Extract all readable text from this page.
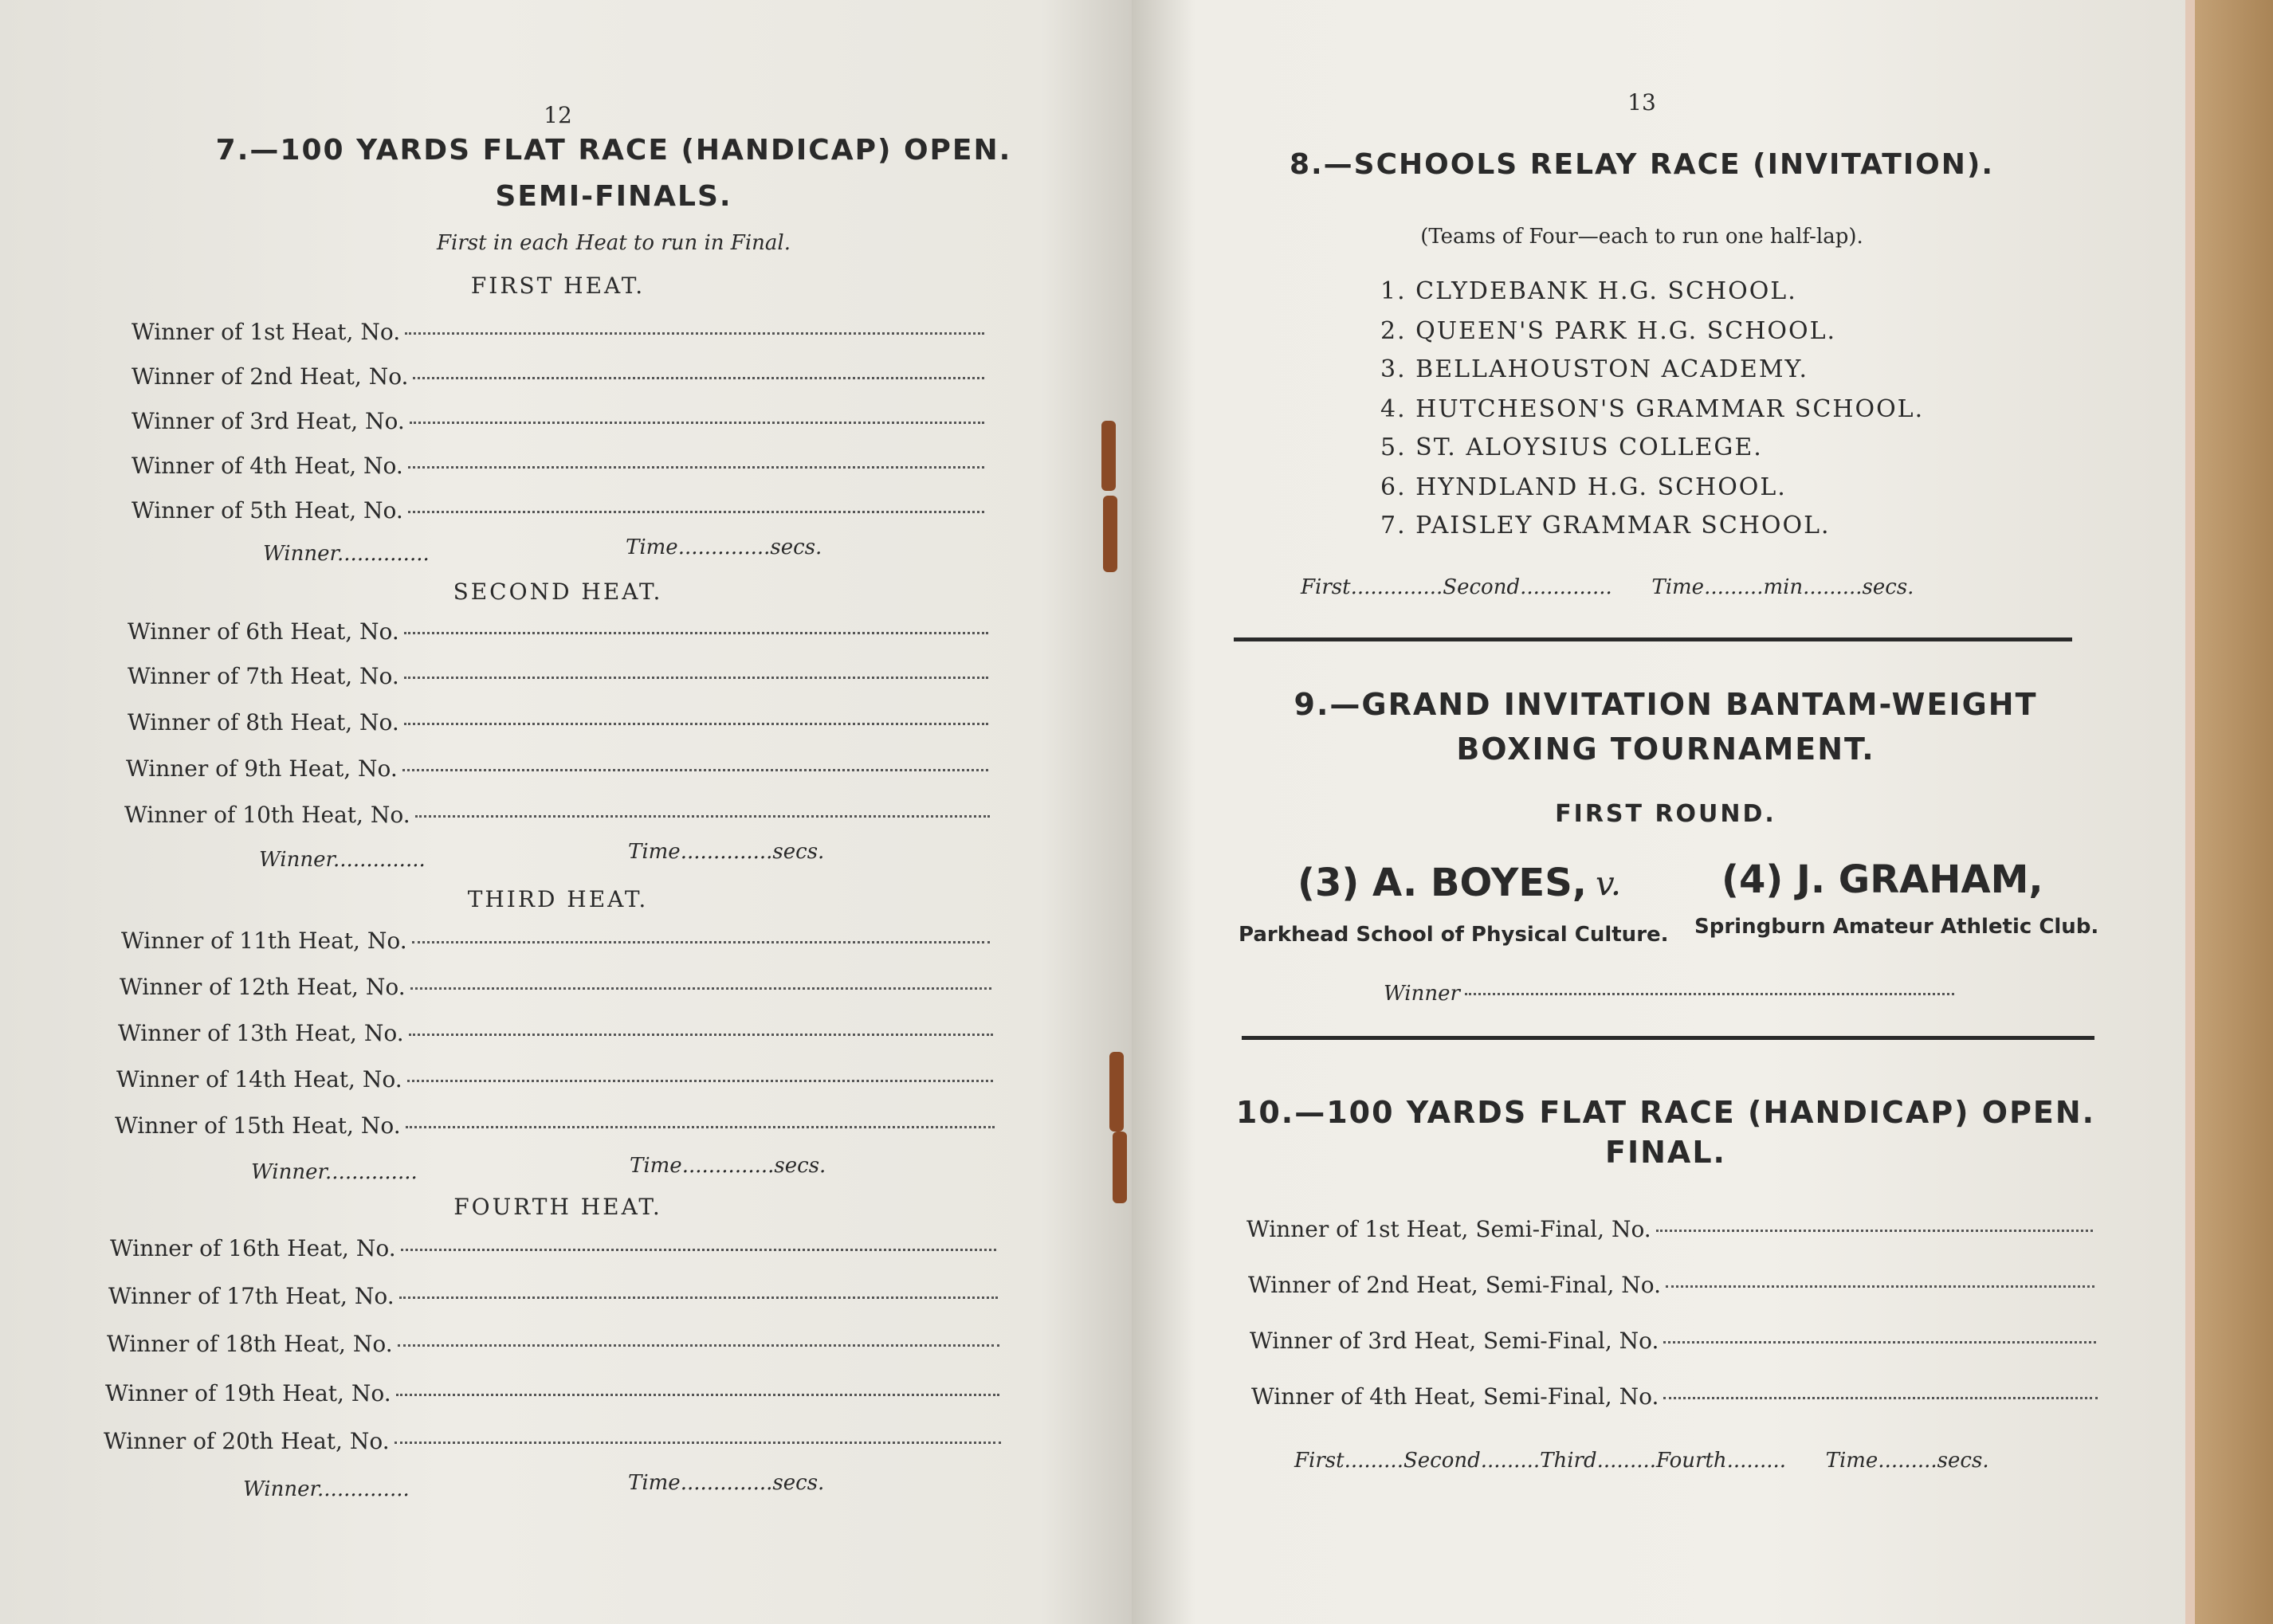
12
7.—100 YARDS FLAT RACE (HANDICAP) OPEN.
SEMI-FINALS.
First in each Heat to run in Final.
FIRST HEAT.
Winner of 1st Heat, No.
Winner of 2nd Heat, No.
Winner of 3rd Heat, No.
Winner of 4th Heat, No.
Winner of 5th Heat, No.
Winner..............	Time..............secs.
SECOND HEAT.
Winner of 6th Heat, No.
Winner of 7th Heat, No.
Winner of 8th Heat, No.
Winner of 9th Heat, No.
Winner of 10th Heat, No.
Winner..............	Time..............secs.
THIRD HEAT.
Winner of 11th Heat, No.
Winner of 12th Heat, No.
Winner of 13th Heat, No.
Winner of 14th Heat, No.
Winner of 15th Heat, No.
Winner..............	Time..............secs.
FOURTH HEAT.
Winner of 16th Heat, No.
Winner of 17th Heat, No.
Winner of 18th Heat, No.
Winner of 19th Heat, No.
Winner of 20th Heat, No.
Winner..............	Time..............secs.
13
8.—SCHOOLS RELAY RACE (INVITATION).
(Teams of Four—each to run one half-lap).
1. CLYDEBANK H.G. SCHOOL.
2. QUEEN'S PARK H.G. SCHOOL.
3. BELLAHOUSTON ACADEMY.
4. HUTCHESON'S GRAMMAR SCHOOL.
5. ST. ALOYSIUS COLLEGE.
6. HYNDLAND H.G. SCHOOL.
7. PAISLEY GRAMMAR SCHOOL.
First..............Second..............      Time.........min.........secs.
9.—GRAND INVITATION BANTAM-WEIGHT
BOXING TOURNAMENT.
FIRST ROUND.
(3) A. BOYES, v.	(4) J. GRAHAM,
Parkhead School of Physical Culture. Springburn Amateur Athletic Club.
Winner
10.—100 YARDS FLAT RACE (HANDICAP) OPEN.
FINAL.
Winner of 1st Heat, Semi-Final, No.
Winner of 2nd Heat, Semi-Final, No.
Winner of 3rd Heat, Semi-Final, No.
Winner of 4th Heat, Semi-Final, No.
First.........Second.........Third.........Fourth.........      Time.........secs.
